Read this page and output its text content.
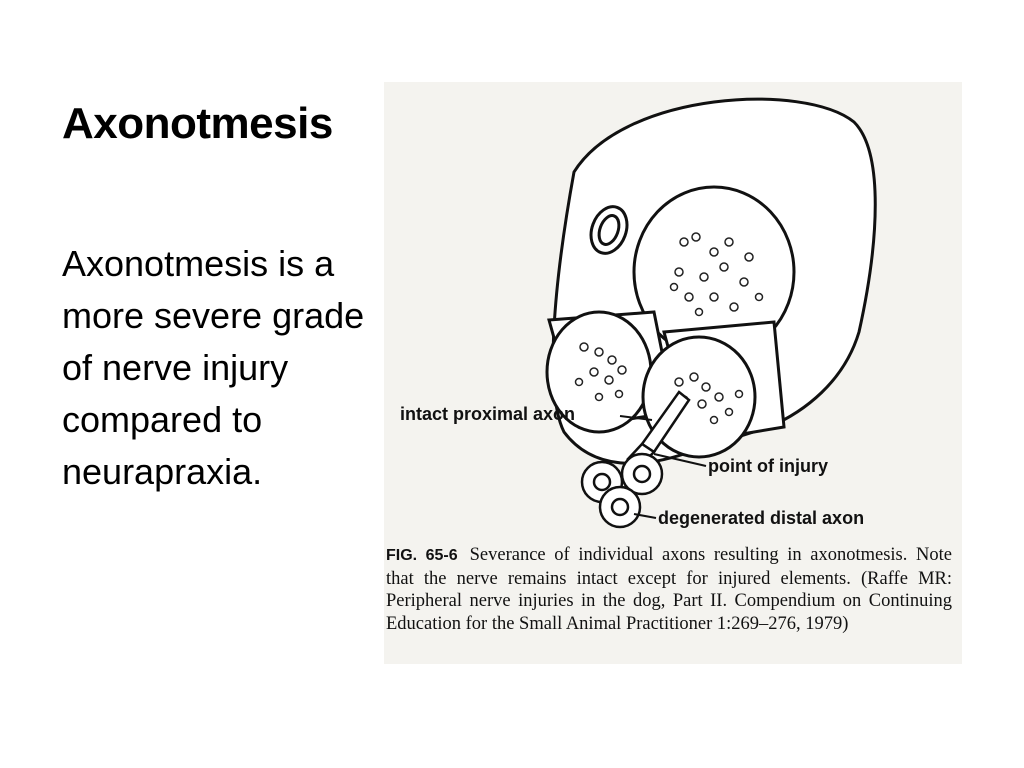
Axonotmesis
Axonotmesis is a more severe grade of nerve injury compared to neurapraxia.
intact proximal axon
point of injury
degenerated distal axon
FIG. 65-6 Severance of individual axons resulting in axonotmesis. Note that the nerve remains intact except for injured elements. (Raffe MR: Peripheral nerve injuries in the dog, Part II. Compendium on Continuing Education for the Small Animal Practitioner 1:269–276, 1979)
